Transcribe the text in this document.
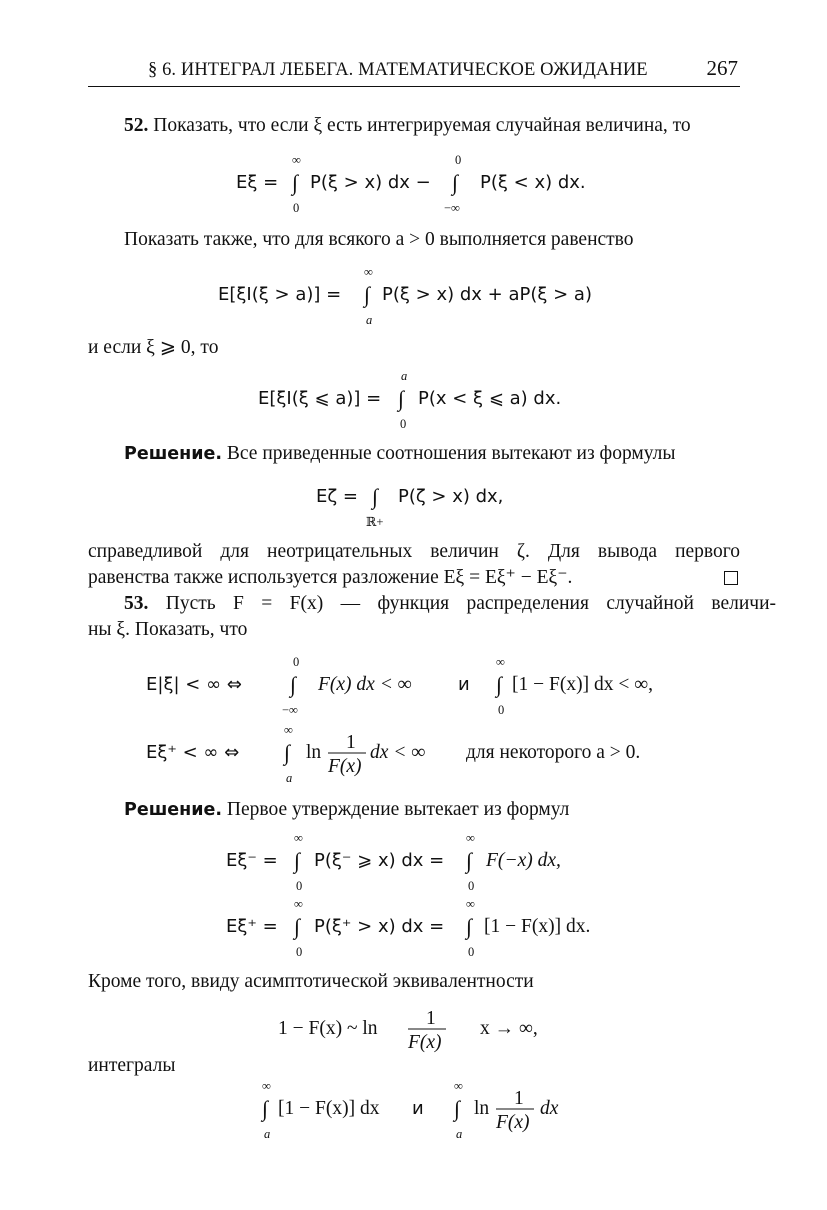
§ 6. ИНТЕГРАЛ ЛЕБЕГА. МАТЕМАТИЧЕСКОЕ ОЖИДАНИЕ	267
52. Показать, что если ξ есть интегрируемая случайная величина, то
Eξ = ∫
∞
0
P(ξ > x) dx − ∫
0
−∞
P(ξ < x) dx.
Показать также, что для всякого a > 0 выполняется равенство
E[ξI(ξ > a)] = ∫
∞
a
P(ξ > x) dx + aP(ξ > a)
и если ξ ⩾ 0, то
E[ξI(ξ ⩽ a)] = ∫
a
0
P(x < ξ ⩽ a) dx.
Решение. Все приведенные соотношения вытекают из формулы
Eζ = ∫
ℝ+
P(ζ > x) dx,
справедливой для неотрицательных величин ζ. Для вывода первого
равенства также используется разложение Eξ = Eξ⁺ − Eξ⁻.
53. Пусть F = F(x) — функция распределения случайной величи-
ны ξ. Показать, что
E|ξ| < ∞ ⇔ ∫
0
−∞
F(x) dx < ∞	и ∫
∞
0
[1 − F(x)] dx < ∞,
Eξ⁺ < ∞ ⇔ ∫
∞
a
ln 1
F(x)
dx < ∞ для некоторого a > 0.
Решение. Первое утверждение вытекает из формул
Eξ⁻ = ∫
∞
0
P(ξ⁻ ⩾ x) dx = ∫
∞
0
F(−x) dx,
Eξ⁺ = ∫
∞
0
P(ξ⁺ > x) dx = ∫
∞
0
[1 − F(x)] dx.
Кроме того, ввиду асимптотической эквивалентности
1 − F(x) ~ ln 1
F(x)
x → ∞,
интегралы
∫
∞
a
[1 − F(x)] dx и ∫
∞
a
ln 1
F(x)
dx
